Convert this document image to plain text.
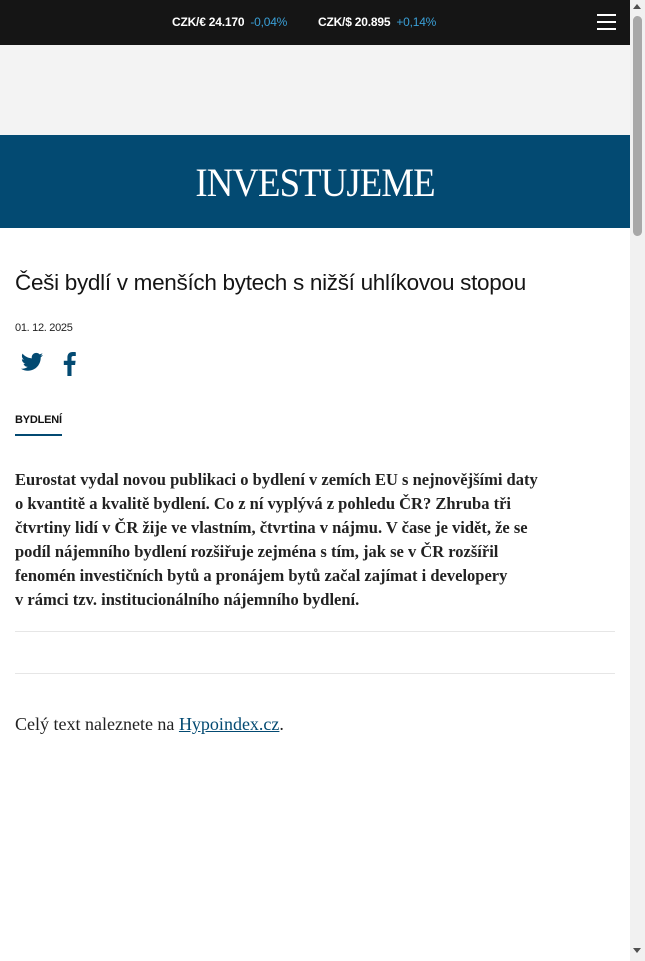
CZK/€ 24.170 -0,04%	CZK/$ 20.895 +0,14%
INVESTUJEME
Češi bydlí v menších bytech s nižší uhlíkovou stopou
01. 12. 2025
BYDLENÍ

Eurostat vydal novou publikaci o bydlení v zemích EU s nejnovějšími daty
o kvantitě a kvalitě bydlení. Co z ní vyplývá z pohledu ČR? Zhruba tři
čtvrtiny lidí v ČR žije ve vlastním, čtvrtina v nájmu. V čase je vidět, že se
podíl nájemního bydlení rozšiřuje zejména s tím, jak se v ČR rozšířil
fenomén investičních bytů a pronájem bytů začal zajímat i developery
v rámci tzv. institucionálního nájemního bydlení.

Celý text naleznete na Hypoindex.cz.
